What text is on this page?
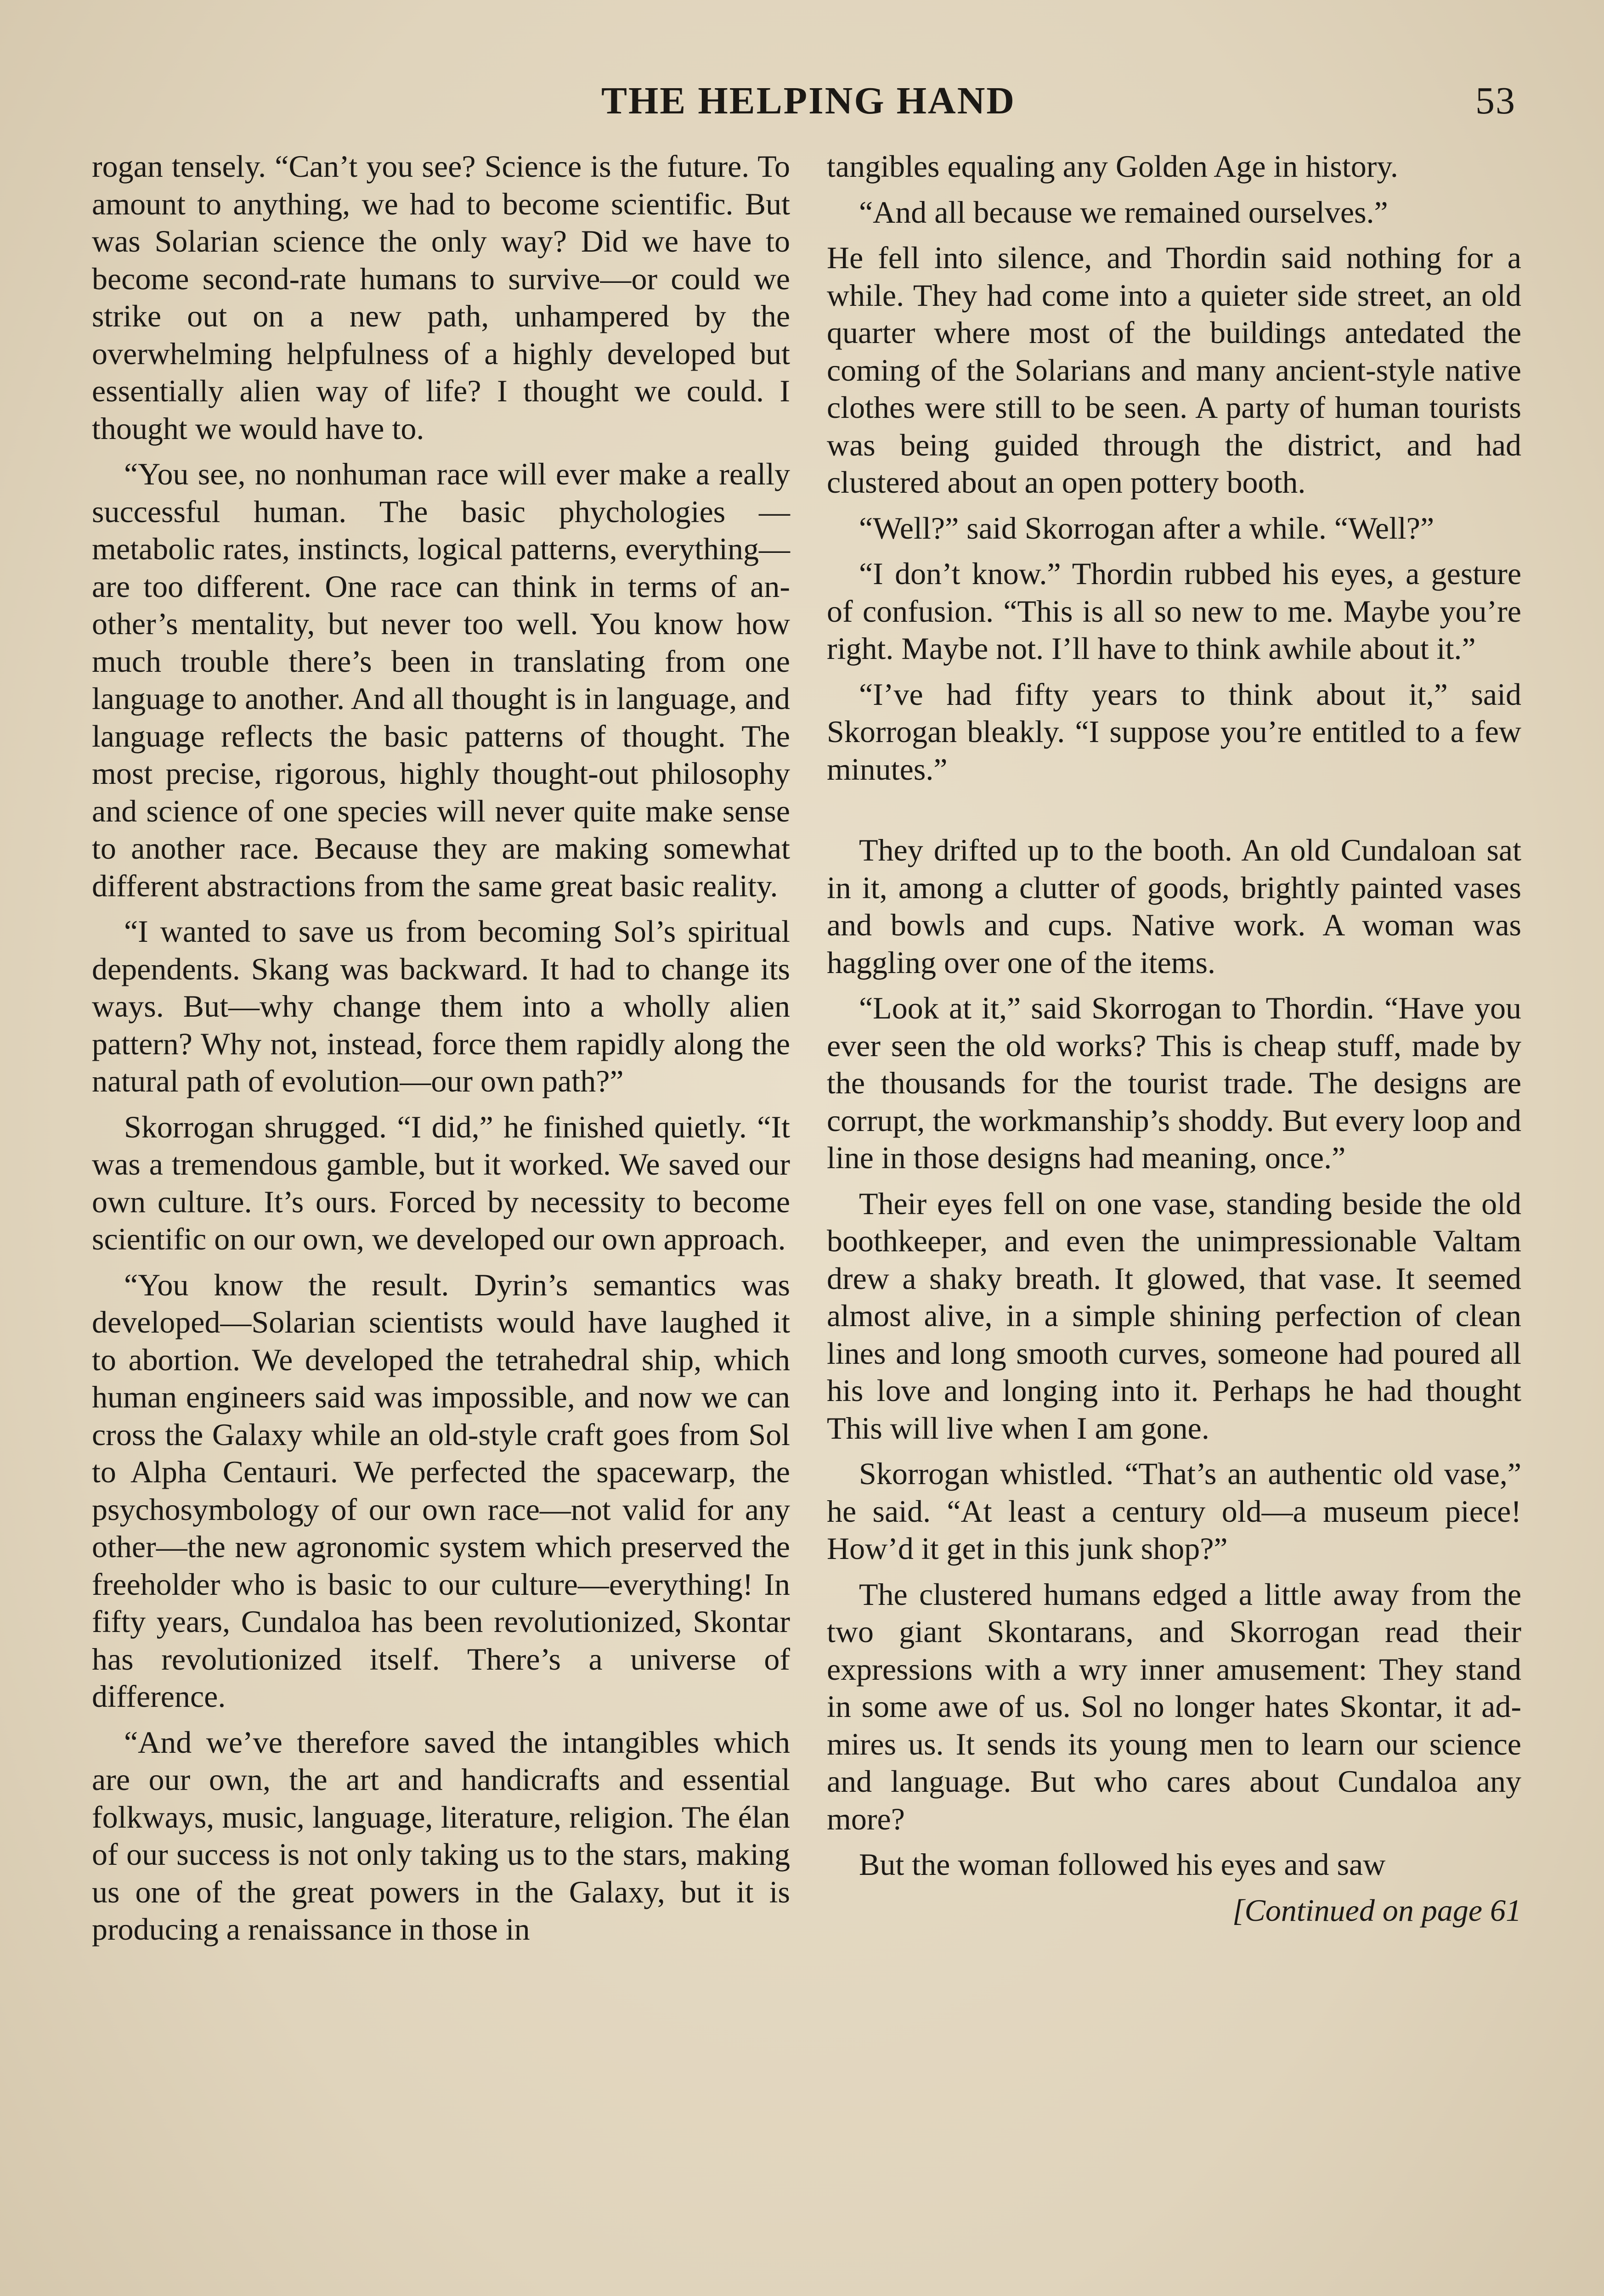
THE HELPING HAND	53

rogan tensely. “Can’t you see? Science is the future. To amount to anything, we had to become scientific. But was Solarian science the only way? Did we have to become second-rate humans to survive—or could we strike out on a new path, unhampered by the overwhelming helpfulness of a highly developed but essentially alien way of life? I thought we could. I thought we would have to.

“You see, no nonhuman race will ever make a really successful human. The basic phychologies — metabolic rates, instincts, logical patterns, everything—are too different. One race can think in terms of another’s mentality, but never too well. You know how much trouble there’s been in translating from one language to another. And all thought is in language, and language reflects the basic patterns of thought. The most precise, rigorous, highly thought-out philosophy and science of one species will never quite make sense to another race. Because they are making somewhat different abstractions from the same great basic reality.

“I wanted to save us from becoming Sol’s spiritual dependents. Skang was backward. It had to change its ways. But—why change them into a wholly alien pattern? Why not, instead, force them rapidly along the natural path of evolution—our own path?”

Skorrogan shrugged. “I did,” he finished quietly. “It was a tremendous gamble, but it worked. We saved our own culture. It’s ours. Forced by necessity to become scientific on our own, we developed our own approach.

“You know the result. Dyrin’s semantics was developed—Solarian scientists would have laughed it to abortion. We developed the tetrahedral ship, which human engineers said was impossible, and now we can cross the Galaxy while an old-style craft goes from Sol to Alpha Centauri. We perfected the spacewarp, the psychosymbology of our own race—not valid for any other—the new agronomic system which preserved the freeholder who is basic to our culture—everything! In fifty years, Cundaloa has been revolutionized, Skontar has revolutionized itself. There’s a universe of difference.

“And we’ve therefore saved the intangibles which are our own, the art and handicrafts and essential folkways, music, language, literature, religion. The élan of our success is not only taking us to the stars, making us one of the great powers in the Galaxy, but it is producing a renaissance in those in

tangibles equaling any Golden Age in history.

“And all because we remained ourselves.”

He fell into silence, and Thordin said nothing for a while. They had come into a quieter side street, an old quarter where most of the buildings antedated the coming of the Solarians and many ancient-style native clothes were still to be seen. A party of human tourists was being guided through the district, and had clustered about an open pottery booth.

“Well?” said Skorrogan after a while. “Well?”

“I don’t know.” Thordin rubbed his eyes, a gesture of confusion. “This is all so new to me. Maybe you’re right. Maybe not. I’ll have to think awhile about it.”

“I’ve had fifty years to think about it,” said Skorrogan bleakly. “I suppose you’re entitled to a few minutes.”

They drifted up to the booth. An old Cundaloan sat in it, among a clutter of goods, brightly painted vases and bowls and cups. Native work. A woman was haggling over one of the items.

“Look at it,” said Skorrogan to Thordin. “Have you ever seen the old works? This is cheap stuff, made by the thousands for the tourist trade. The designs are corrupt, the workmanship’s shoddy. But every loop and line in those designs had meaning, once.”

Their eyes fell on one vase, standing beside the old boothkeeper, and even the unimpressionable Valtam drew a shaky breath. It glowed, that vase. It seemed almost alive, in a simple shining perfection of clean lines and long smooth curves, someone had poured all his love and longing into it. Perhaps he had thought This will live when I am gone.

Skorrogan whistled. “That’s an authentic old vase,” he said. “At least a century old—a museum piece! How’d it get in this junk shop?”

The clustered humans edged a little away from the two giant Skontarans, and Skorrogan read their expressions with a wry inner amusement: They stand in some awe of us. Sol no longer hates Skontar, it admires us. It sends its young men to learn our science and language. But who cares about Cundaloa any more?

But the woman followed his eyes and saw

[Continued on page 61
